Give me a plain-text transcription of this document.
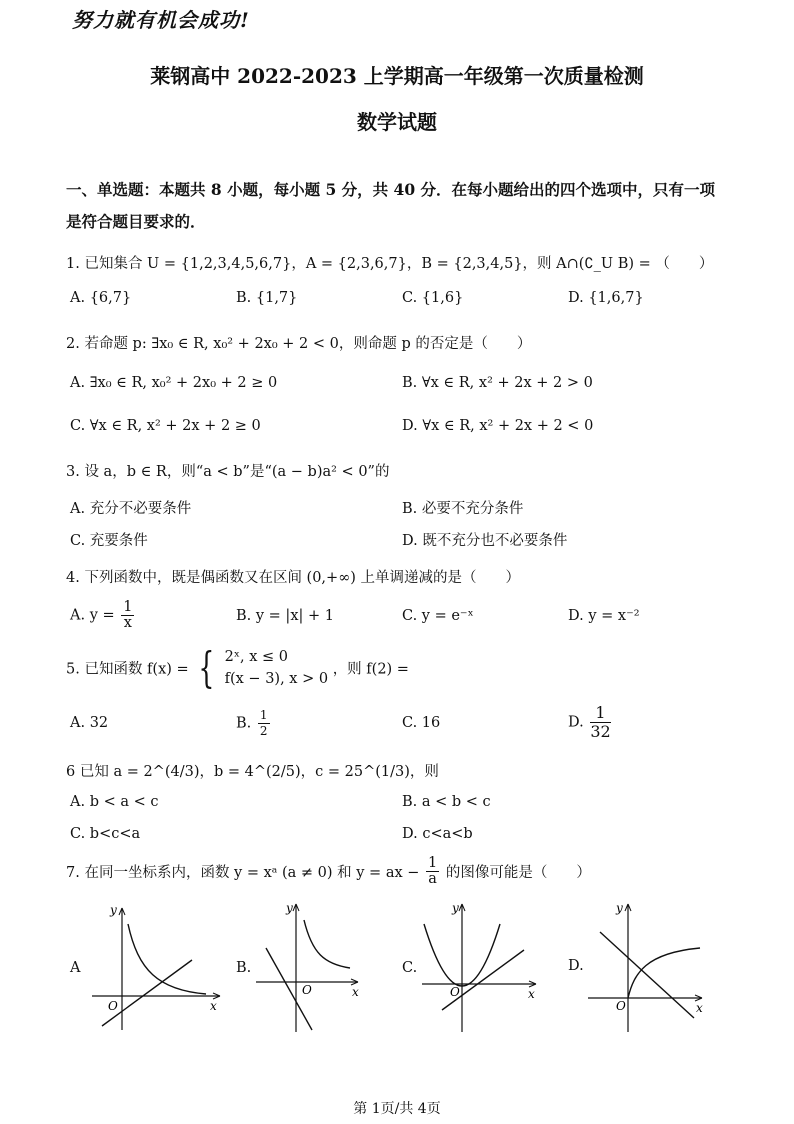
努力就有机会成功!
莱钢高中 2022-2023 上学期高一年级第一次质量检测
数学试题
一、单选题：本题共 8 小题，每小题 5 分，共 40 分．在每小题给出的四个选项中，只有一项
是符合题目要求的．
1. 已知集合 U = {1,2,3,4,5,6,7}，A = {2,3,6,7}，B = {2,3,4,5}，则 A∩(∁_U B) = （　　）
A. {6,7}	B. {1,7}	C. {1,6}	D. {1,6,7}
2. 若命题 p: ∃x₀ ∈ R, x₀² + 2x₀ + 2 < 0，则命题 p 的否定是（　　）
A. ∃x₀ ∈ R, x₀² + 2x₀ + 2 ≥ 0	B. ∀x ∈ R, x² + 2x + 2 > 0
C. ∀x ∈ R, x² + 2x + 2 ≥ 0	D. ∀x ∈ R, x² + 2x + 2 < 0
3. 设 a，b ∈ R，则“a < b”是“(a − b)a² < 0”的
A. 充分不必要条件	B. 必要不充分条件
C. 充要条件	D. 既不充分也不必要条件
4. 下列函数中，既是偶函数又在区间 (0,+∞) 上单调递减的是（　　）
A. $y = \frac{1}{x}$	B. y = |x| + 1	C. y = e⁻ˣ	D. y = x⁻²
5. 已知函数 f(x) = { 2ˣ, x ≤ 0
f(x − 3), x > 0
，则 f(2) =
A. 32	B. $\frac{1}{2}$	C. 16	D. $\frac{1}{32}$
6 已知 a = 2^(4/3)，b = 4^(2/5)，c = 25^(1/3)，则
A. b < a < c	B. a < b < c
C. b<c<a	D. c<a<b
7. 在同一坐标系内，函数 y = xᵃ (a ≠ 0) 和 y = ax − $\frac{1}{a}$ 的图像可能是（　　）
A	B.	C.	D.
y
x
O
y
x
O
y
x
O
y
x
O
第 1页/共 4页
